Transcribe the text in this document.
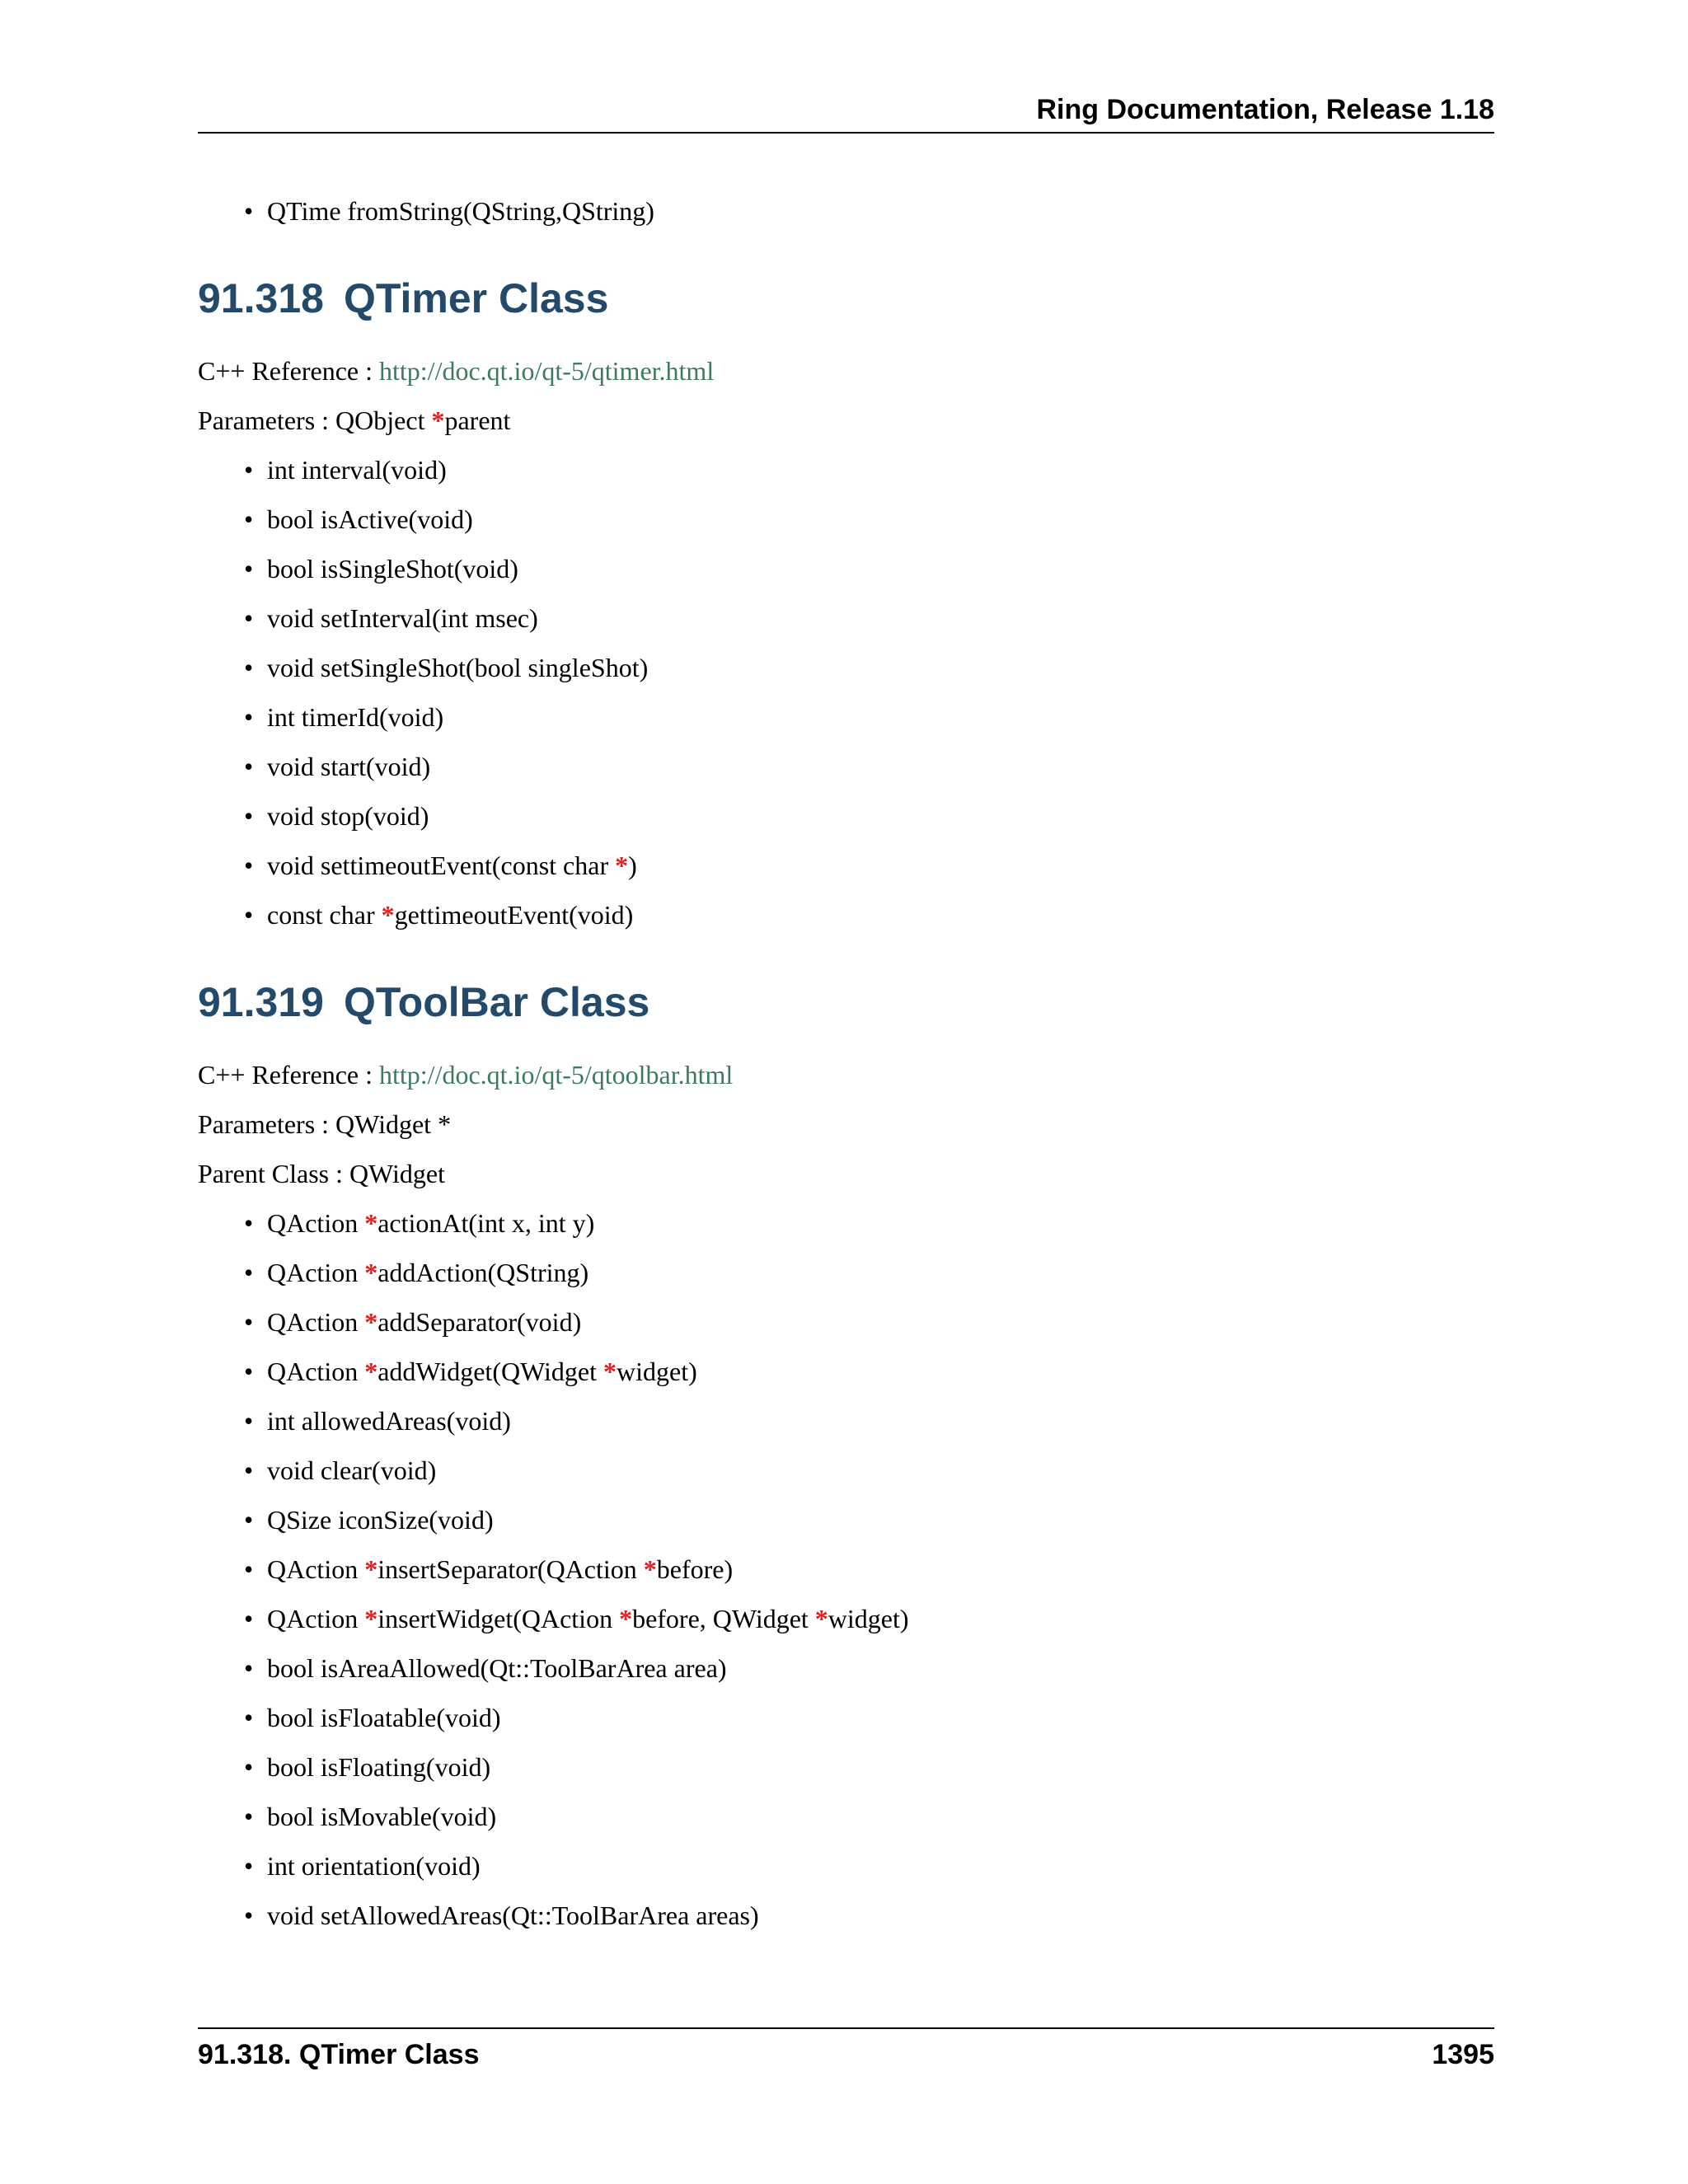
Ring Documentation, Release 1.18
• QTime fromString(QString,QString)
91.318 QTimer Class

C++ Reference : http://doc.qt.io/qt-5/qtimer.html

Parameters : QObject *parent

• int interval(void)
• bool isActive(void)
• bool isSingleShot(void)
• void setInterval(int msec)
• void setSingleShot(bool singleShot)
• int timerId(void)
• void start(void)
• void stop(void)
• void settimeoutEvent(const char *)
• const char *gettimeoutEvent(void)
91.319 QToolBar Class

C++ Reference : http://doc.qt.io/qt-5/qtoolbar.html

Parameters : QWidget *

Parent Class : QWidget

• QAction *actionAt(int x, int y)
• QAction *addAction(QString)
• QAction *addSeparator(void)
• QAction *addWidget(QWidget *widget)
• int allowedAreas(void)
• void clear(void)
• QSize iconSize(void)
• QAction *insertSeparator(QAction *before)
• QAction *insertWidget(QAction *before, QWidget *widget)
• bool isAreaAllowed(Qt::ToolBarArea area)
• bool isFloatable(void)
• bool isFloating(void)
• bool isMovable(void)
• int orientation(void)
• void setAllowedAreas(Qt::ToolBarArea areas)
91.318. QTimer Class	1395
